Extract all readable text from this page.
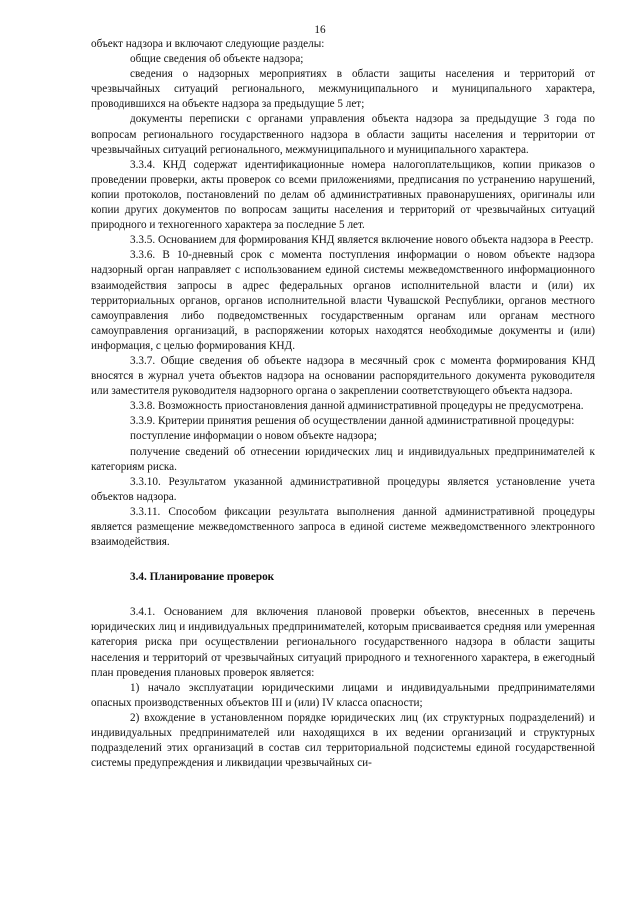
16

объект надзора и включают следующие разделы:

общие сведения об объекте надзора;

сведения о надзорных мероприятиях в области защиты населения и территорий от чрезвычайных ситуаций регионального, межмуниципального и муниципального характера, проводившихся на объекте надзора за предыдущие 5 лет;

документы переписки с органами управления объекта надзора за предыдущие 3 года по вопросам регионального государственного надзора в области защиты населения и территории от чрезвычайных ситуаций регионального, межмуниципального и муниципального характера.

3.3.4. КНД содержат идентификационные номера налогоплательщиков, копии приказов о проведении проверки, акты проверок со всеми приложениями, предписания по устранению нарушений, копии протоколов, постановлений по делам об административных правонарушениях, оригиналы или копии других документов по вопросам защиты населения и территорий от чрезвычайных ситуаций природного и техногенного характера за последние 5 лет.

3.3.5. Основанием для формирования КНД является включение нового объекта надзора в Реестр.

3.3.6. В 10-дневный срок с момента поступления информации о новом объекте надзора надзорный орган направляет с использованием единой системы межведомственного информационного взаимодействия запросы в адрес федеральных органов исполнительной власти и (или) их территориальных органов, органов исполнительной власти Чувашской Республики, органов местного самоуправления либо подведомственных государственным органам или органам местного самоуправления организаций, в распоряжении которых находятся необходимые документы и (или) информация, с целью формирования КНД.

3.3.7. Общие сведения об объекте надзора в месячный срок с момента формирования КНД вносятся в журнал учета объектов надзора на основании распорядительного документа руководителя или заместителя руководителя надзорного органа о закреплении соответствующего объекта надзора.

3.3.8. Возможность приостановления данной административной процедуры не предусмотрена.

3.3.9. Критерии принятия решения об осуществлении данной административной процедуры:

поступление информации о новом объекте надзора;

получение сведений об отнесении юридических лиц и индивидуальных предпринимателей к категориям риска.

3.3.10. Результатом указанной административной процедуры является установление учета объектов надзора.

3.3.11. Способом фиксации результата выполнения данной административной процедуры является размещение межведомственного запроса в единой системе межведомственного электронного взаимодействия.

3.4. Планирование проверок

3.4.1. Основанием для включения плановой проверки объектов, внесенных в перечень юридических лиц и индивидуальных предпринимателей, которым присваивается средняя или умеренная категория риска при осуществлении регионального государственного надзора в области защиты населения и территорий от чрезвычайных ситуаций природного и техногенного характера, в ежегодный план проведения плановых проверок является:

1) начало эксплуатации юридическими лицами и индивидуальными предпринимателями опасных производственных объектов III и (или) IV класса опасности;

2) вхождение в установленном порядке юридических лиц (их структурных подразделений) и индивидуальных предпринимателей или находящихся в их ведении организаций и структурных подразделений этих организаций в состав сил территориальной подсистемы единой государственной системы предупреждения и ликвидации чрезвычайных си-
